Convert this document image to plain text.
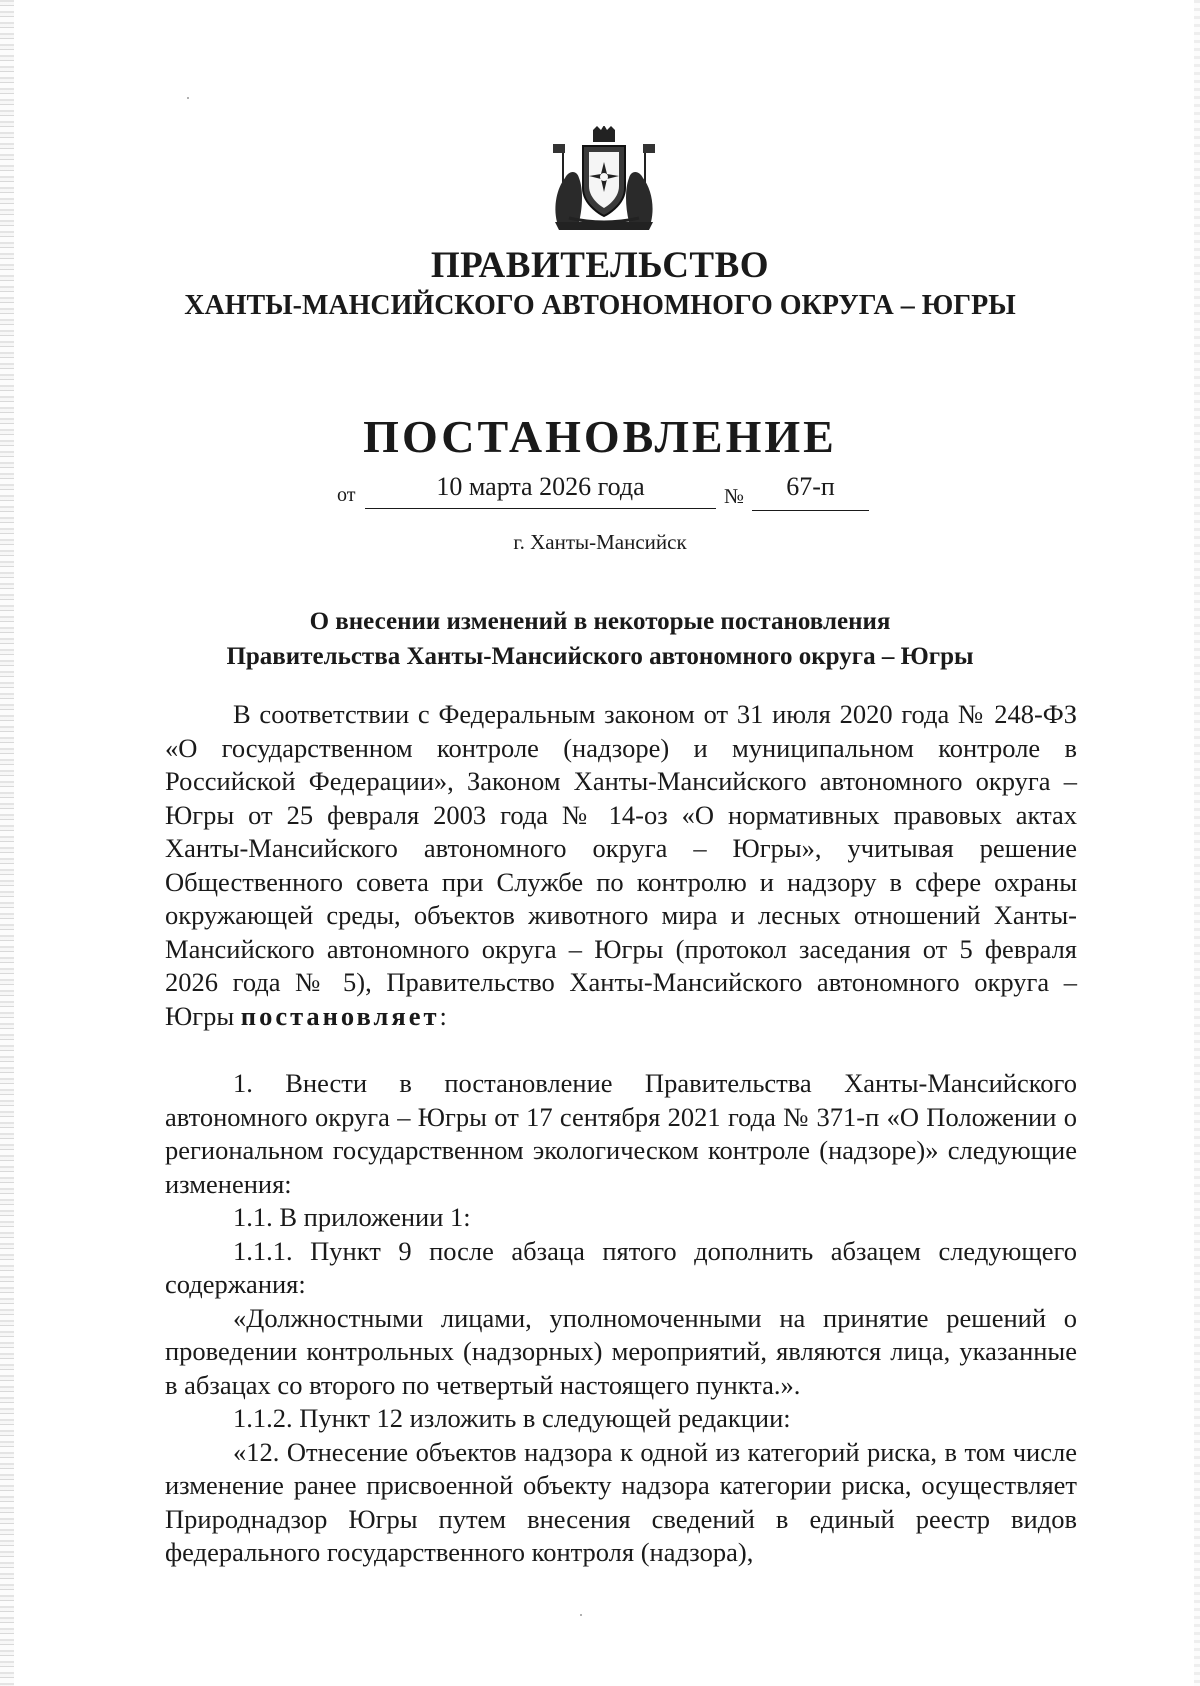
ПРАВИТЕЛЬСТВО
ХАНТЫ-МАНСИЙСКОГО АВТОНОМНОГО ОКРУГА – ЮГРЫ
ПОСТАНОВЛЕНИЕ
от	10 марта 2026 года	№	67-п
г. Ханты-Мансийск
О внесении изменений в некоторые постановления
Правительства Ханты-Мансийского автономного округа – Югры

В соответствии с Федеральным законом от 31 июля 2020 года № 248-ФЗ «О государственном контроле (надзоре) и муниципальном контроле в Российской Федерации», Законом Ханты-Мансийского автономного округа – Югры от 25 февраля 2003 года № 14-оз «О нормативных правовых актах Ханты-Мансийского автономного округа – Югры», учитывая решение Общественного совета при Службе по контролю и надзору в сфере охраны окружающей среды, объектов животного мира и лесных отношений Ханты-Мансийского автономного округа – Югры (протокол заседания от 5 февраля 2026 года № 5), Правительство Ханты-Мансийского автономного округа – Югры постановляет:

1. Внести в постановление Правительства Ханты-Мансийского автономного округа – Югры от 17 сентября 2021 года № 371-п «О Положении о региональном государственном экологическом контроле (надзоре)» следующие изменения:

1.1. В приложении 1:

1.1.1. Пункт 9 после абзаца пятого дополнить абзацем следующего содержания:

«Должностными лицами, уполномоченными на принятие решений о проведении контрольных (надзорных) мероприятий, являются лица, указанные в абзацах со второго по четвертый настоящего пункта.».

1.1.2. Пункт 12 изложить в следующей редакции:

«12. Отнесение объектов надзора к одной из категорий риска, в том числе изменение ранее присвоенной объекту надзора категории риска, осуществляет Природнадзор Югры путем внесения сведений в единый реестр видов федерального государственного контроля (надзора),
